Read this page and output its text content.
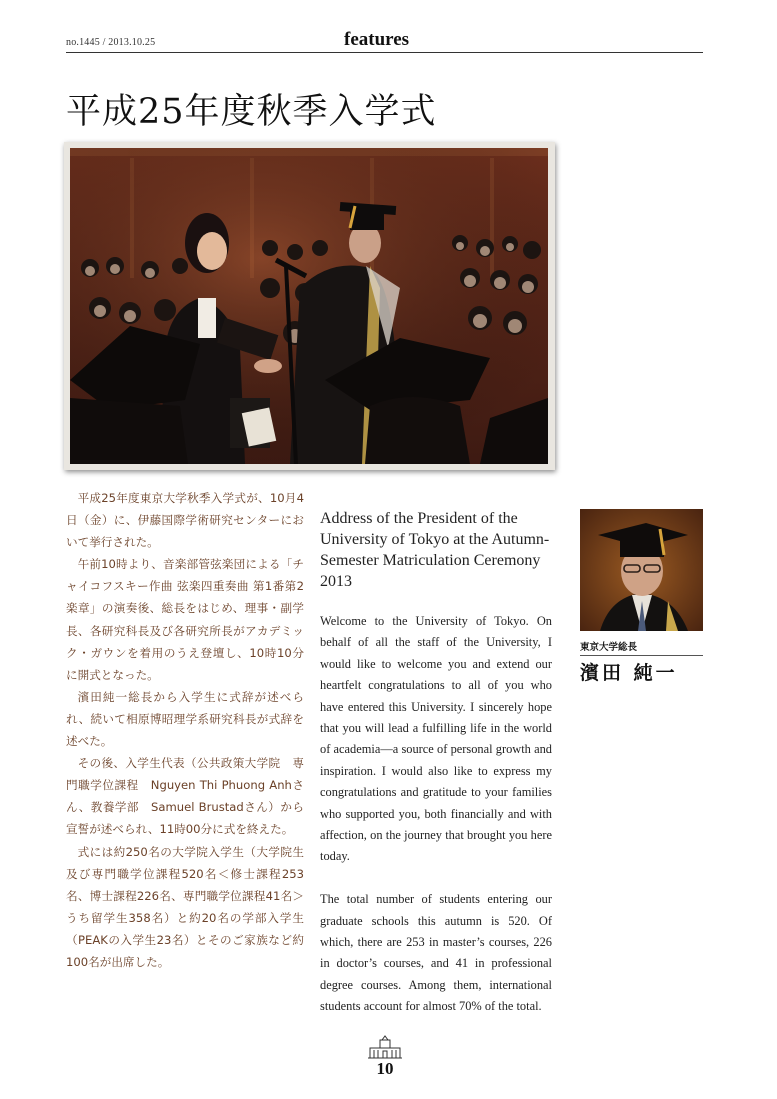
no.1445 / 2013.10.25	features
平成25年度秋季入学式

平成25年度東京大学秋季入学式が、10月4日（金）に、伊藤国際学術研究センターにおいて挙行された。

午前10時より、音楽部管弦楽団による「チャイコフスキー作曲 弦楽四重奏曲 第1番第2楽章」の演奏後、総長をはじめ、理事・副学長、各研究科長及び各研究所長がアカデミック・ガウンを着用のうえ登壇し、10時10分に開式となった。

濱田純一総長から入学生に式辞が述べられ、続いて相原博昭理学系研究科長が式辞を述べた。

その後、入学生代表（公共政策大学院　専門職学位課程　Nguyen Thi Phuong Anhさん、教養学部　Samuel Brustadさん）から宣誓が述べられ、11時00分に式を終えた。

式には約250名の大学院入学生（大学院生及び専門職学位課程520名＜修士課程253名、博士課程226名、専門職学位課程41名＞うち留学生358名）と約20名の学部入学生（PEAKの入学生23名）とそのご家族など約100名が出席した。

Address of the President of the University of Tokyo at the Autumn-Semester Matriculation Ceremony 2013

Welcome to the University of Tokyo. On behalf of all the staff of the University, I would like to welcome you and extend our heartfelt congratulations to all of you who have entered this University. I sincerely hope that you will lead a fulfilling life in the world of academia—a source of personal growth and inspiration. I would also like to express my congratulations and gratitude to your families who supported you, both financially and with affection, on the journey that brought you here today.

The total number of students entering our graduate schools this autumn is 520. Of which, there are 253 in master’s courses, 226 in doctor’s courses, and 41 in professional degree courses. Among them, international students account for almost 70% of the total.

東京大学総長
濱田 純一
10
